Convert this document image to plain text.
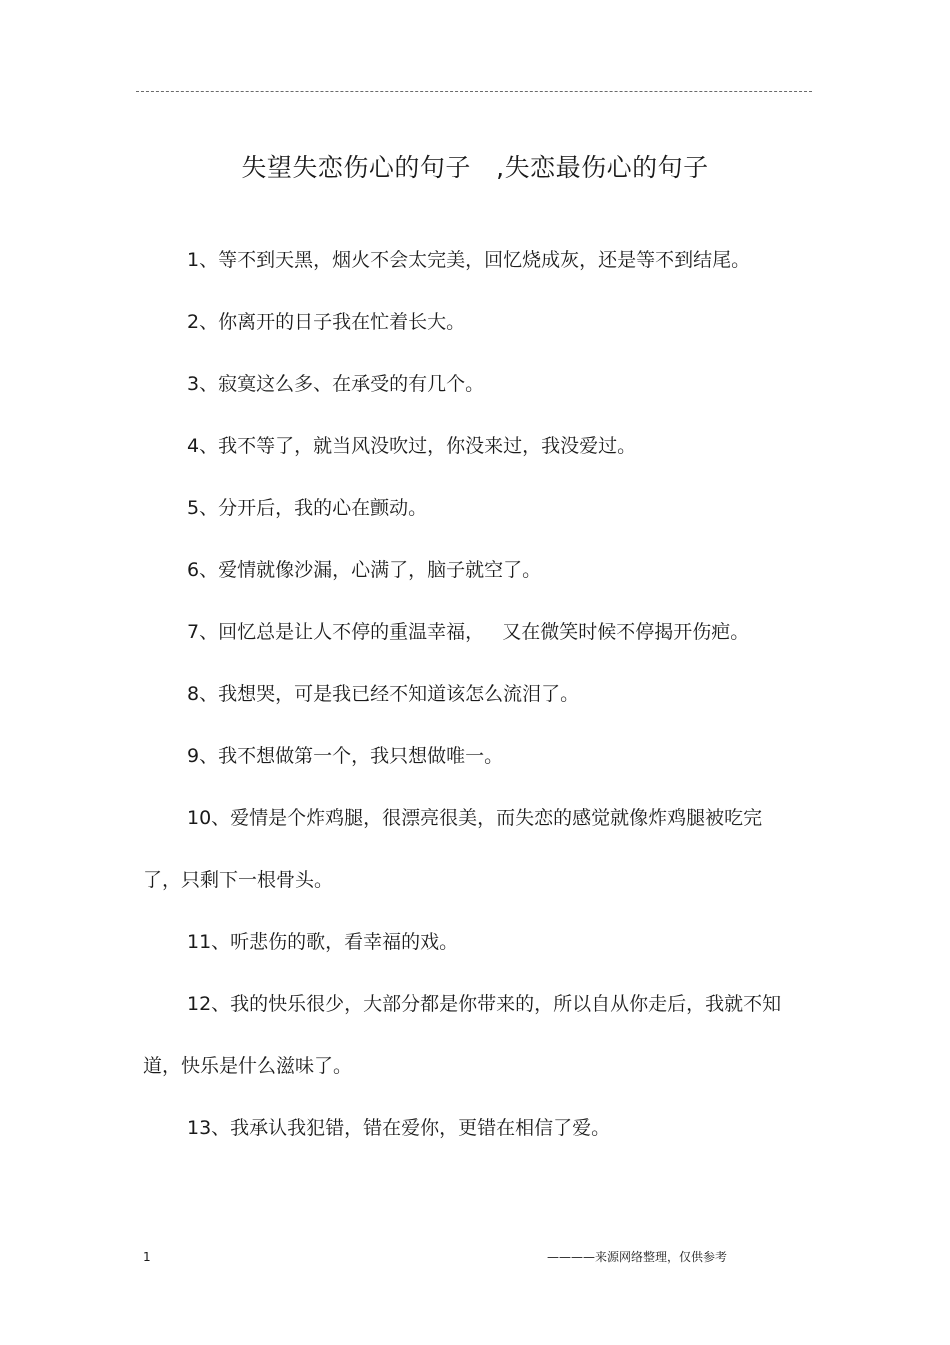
失望失恋伤心的句子   ,失恋最伤心的句子

1、等不到天黑，烟火不会太完美，回忆烧成灰，还是等不到结尾。

2、你离开的日子我在忙着长大。

3、寂寞这么多、在承受的有几个。

4、我不等了，就当风没吹过，你没来过，我没爱过。

5、分开后，我的心在颤动。

6、爱情就像沙漏，心满了，脑子就空了。

7、回忆总是让人不停的重温幸福，   又在微笑时候不停揭开伤疤。

8、我想哭，可是我已经不知道该怎么流泪了。

9、我不想做第一个，我只想做唯一。

10、爱情是个炸鸡腿，很漂亮很美，而失恋的感觉就像炸鸡腿被吃完了，只剩下一根骨头。

11、听悲伤的歌，看幸福的戏。

12、我的快乐很少，大部分都是你带来的，所以自从你走后，我就不知道，快乐是什么滋味了。

13、我承认我犯错，错在爱你，更错在相信了爱。

1	————来源网络整理，仅供参考
